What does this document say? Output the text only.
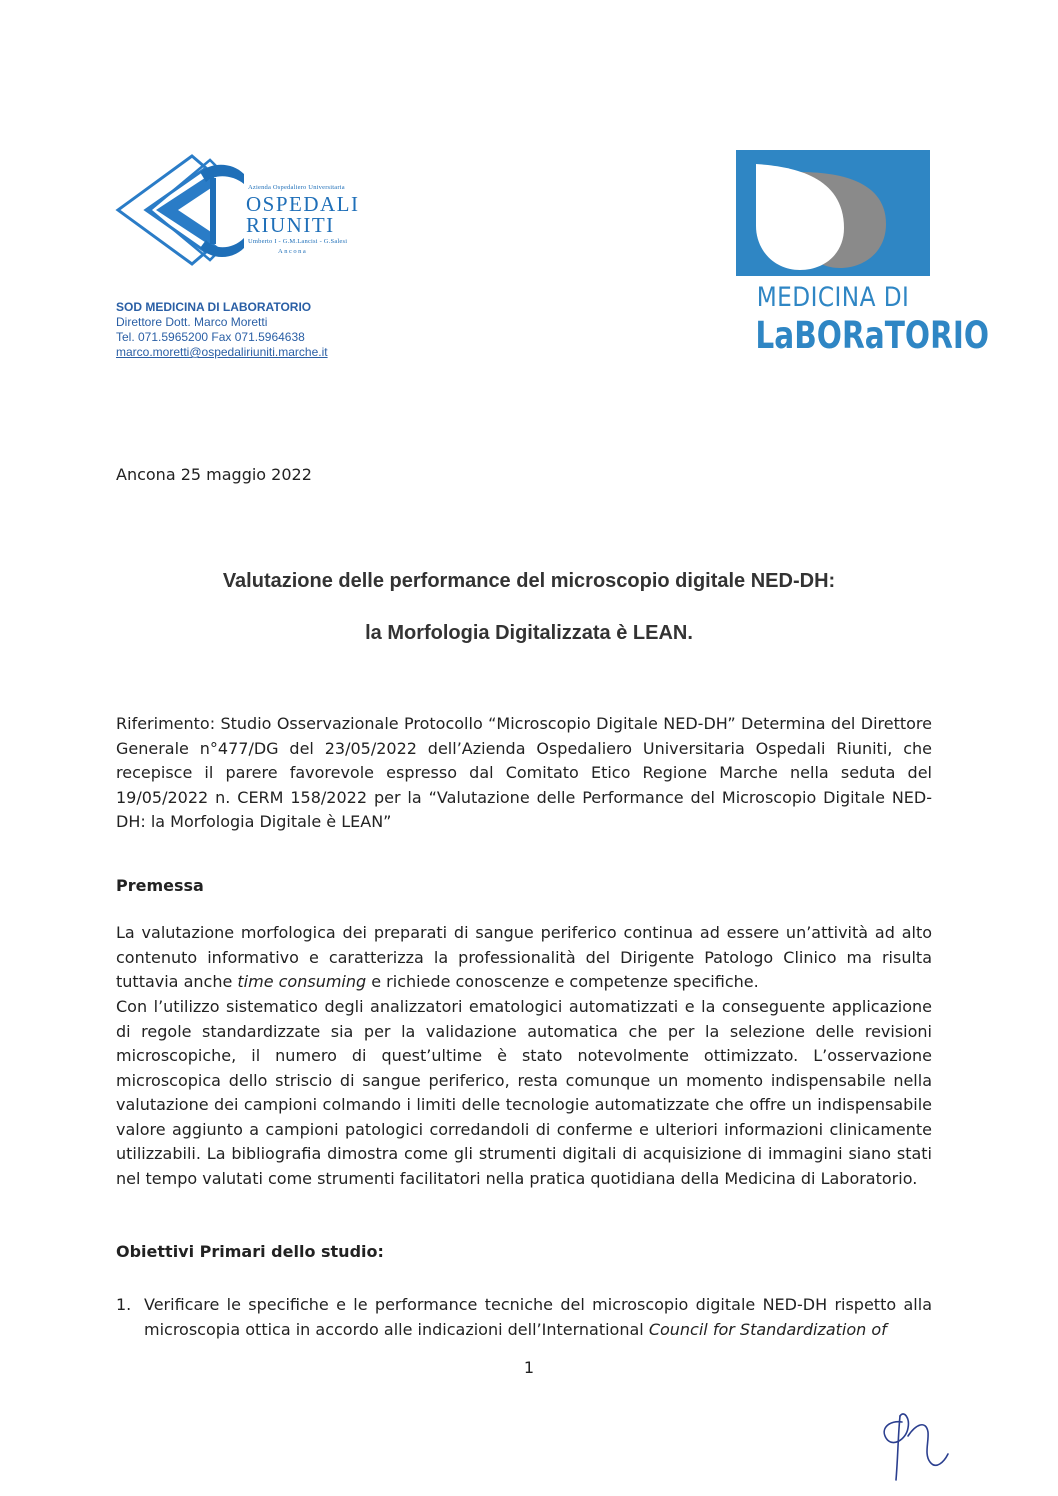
Azienda Ospedaliero Universitaria
OSPEDALI
RIUNITI
Umberto I - G.M.Lancisi - G.Salesi
Ancona
SOD MEDICINA DI LABORATORIO
Direttore Dott. Marco Moretti
Tel. 071.5965200 Fax 071.5964638
marco.moretti@ospedaliriuniti.marche.it
MEDICINA DI
LaBORaTORIO
Ancona 25 maggio 2022
Valutazione delle performance del microscopio digitale NED-DH:
la Morfologia Digitalizzata è LEAN.
Riferimento: Studio Osservazionale Protocollo “Microscopio Digitale NED-DH” Determina del Direttore Generale n°477/DG del 23/05/2022 dell’Azienda Ospedaliero Universitaria Ospedali Riuniti, che recepisce il parere favorevole espresso dal Comitato Etico Regione Marche nella seduta del 19/05/2022 n. CERM 158/2022 per la “Valutazione delle Performance del Microscopio Digitale NED-DH: la Morfologia Digitale è LEAN”
Premessa
La valutazione morfologica dei preparati di sangue periferico continua ad essere un’attività ad alto contenuto informativo e caratterizza la professionalità del Dirigente Patologo Clinico ma risulta tuttavia anche time consuming e richiede conoscenze e competenze specifiche.
Con l’utilizzo sistematico degli analizzatori ematologici automatizzati e la conseguente applicazione di regole standardizzate sia per la validazione automatica che per la selezione delle revisioni microscopiche, il numero di quest’ultime è stato notevolmente ottimizzato. L’osservazione microscopica dello striscio di sangue periferico, resta comunque un momento indispensabile nella valutazione dei campioni colmando i limiti delle tecnologie automatizzate che offre un indispensabile valore aggiunto a campioni patologici corredandoli di conferme e ulteriori informazioni clinicamente utilizzabili. La bibliografia dimostra come gli strumenti digitali di acquisizione di immagini siano stati nel tempo valutati come strumenti facilitatori nella pratica quotidiana della Medicina di Laboratorio.
Obiettivi Primari dello studio:
1. Verificare le specifiche e le performance tecniche del microscopio digitale NED-DH rispetto alla microscopia ottica in accordo alle indicazioni dell’International Council for Standardization of
1
